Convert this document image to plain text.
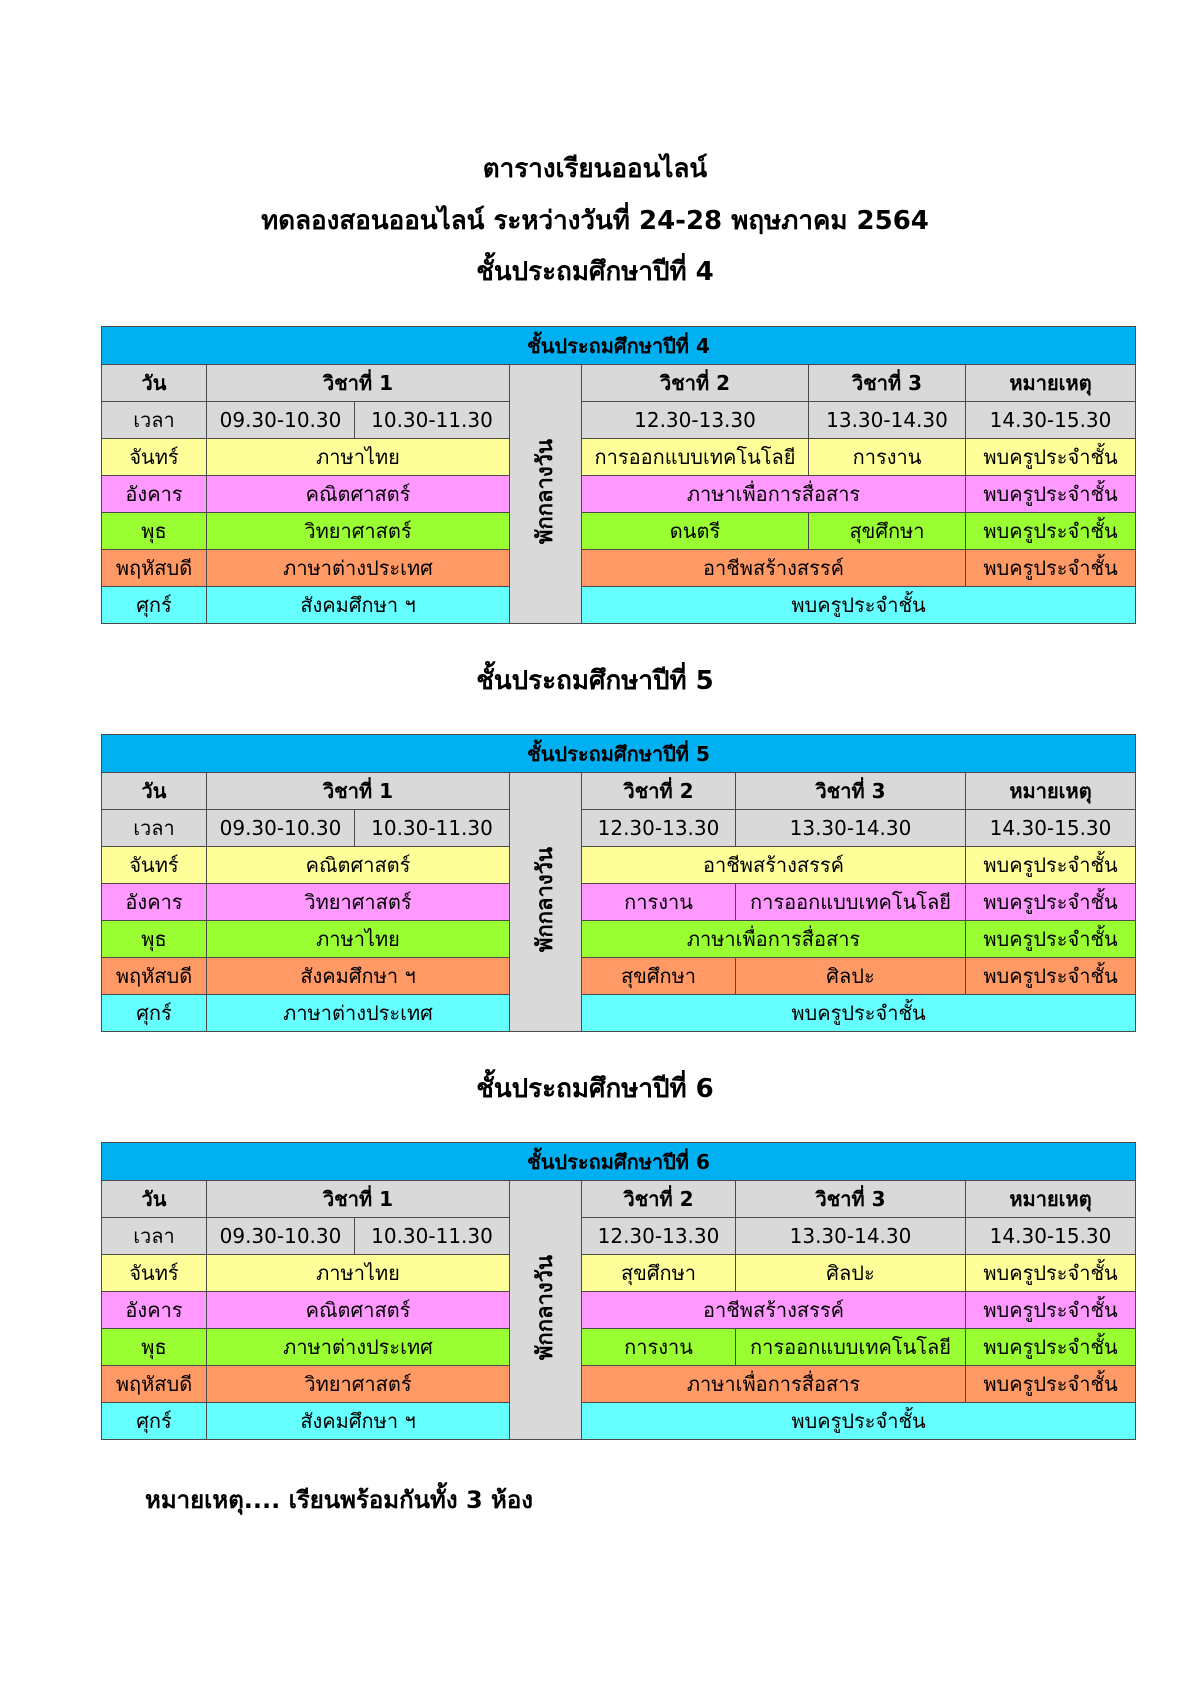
ตารางเรียนออนไลน์
ทดลองสอนออนไลน์ ระหว่างวันที่ 24-28 พฤษภาคม 2564
ชั้นประถมศึกษาปีที่ 4
ชั้นประถมศึกษาปีที่ 4						
วัน	วิชาที่ 1		พักกลางวัน	วิชาที่ 2	วิชาที่ 3	หมายเหตุ
เวลา	09.30-10.30	10.30-11.30		12.30-13.30	13.30-14.30	14.30-15.30
จันทร์	ภาษาไทย			การออกแบบเทคโนโลยี	การงาน	พบครูประจำชั้น
อังคาร	คณิตศาสตร์			ภาษาเพื่อการสื่อสาร		พบครูประจำชั้น
พุธ	วิทยาศาสตร์			ดนตรี	สุขศึกษา	พบครูประจำชั้น
พฤหัสบดี	ภาษาต่างประเทศ			อาชีพสร้างสรรค์		พบครูประจำชั้น
ศุกร์	สังคมศึกษา ฯ			พบครูประจำชั้น		
ชั้นประถมศึกษาปีที่ 5
ชั้นประถมศึกษาปีที่ 5						
วัน	วิชาที่ 1		พักกลางวัน	วิชาที่ 2	วิชาที่ 3	หมายเหตุ
เวลา	09.30-10.30	10.30-11.30		12.30-13.30	13.30-14.30	14.30-15.30
จันทร์	คณิตศาสตร์			อาชีพสร้างสรรค์		พบครูประจำชั้น
อังคาร	วิทยาศาสตร์			การงาน	การออกแบบเทคโนโลยี	พบครูประจำชั้น
พุธ	ภาษาไทย			ภาษาเพื่อการสื่อสาร		พบครูประจำชั้น
พฤหัสบดี	สังคมศึกษา ฯ			สุขศึกษา	ศิลปะ	พบครูประจำชั้น
ศุกร์	ภาษาต่างประเทศ			พบครูประจำชั้น		
ชั้นประถมศึกษาปีที่ 6
ชั้นประถมศึกษาปีที่ 6						
วัน	วิชาที่ 1		พักกลางวัน	วิชาที่ 2	วิชาที่ 3	หมายเหตุ
เวลา	09.30-10.30	10.30-11.30		12.30-13.30	13.30-14.30	14.30-15.30
จันทร์	ภาษาไทย			สุขศึกษา	ศิลปะ	พบครูประจำชั้น
อังคาร	คณิตศาสตร์			อาชีพสร้างสรรค์		พบครูประจำชั้น
พุธ	ภาษาต่างประเทศ			การงาน	การออกแบบเทคโนโลยี	พบครูประจำชั้น
พฤหัสบดี	วิทยาศาสตร์			ภาษาเพื่อการสื่อสาร		พบครูประจำชั้น
ศุกร์	สังคมศึกษา ฯ			พบครูประจำชั้น		
หมายเหตุ.... เรียนพร้อมกันทั้ง 3 ห้อง
